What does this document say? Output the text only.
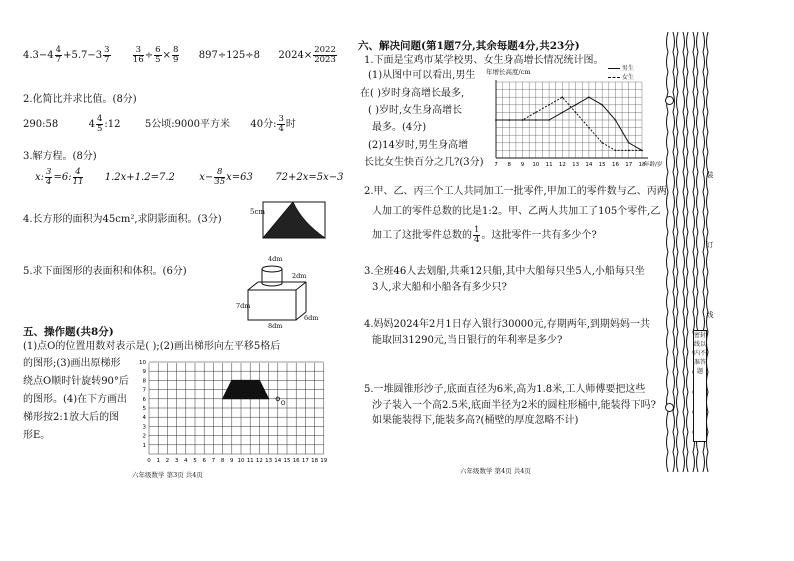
$4.3-4 \frac{4}{7} +5.7-3 \frac{3}{7}$
	$\frac{3}{16} \div \frac{6}{5} \times \frac{8}{9} 897\div 125\div 8$ $2024\times \frac{2022}{2023}$
2.化简比并求比值。(8分)
290:58	$4 \frac{4}{5}$ :12 5公顷:9000平方米 40分: $\frac{3}{4}$ 时
3.解方程。(8分)
x: $\frac{3}{4} =6$: $\frac{4}{11} 1.2x+1.2=7.2$ $x- \frac{8}{35} x=63$ 72+2x=5x−3
4.长方形的面积为45cm²,求阴影面积。(3分)
5cm
5.求下面图形的表面积和体积。(6分)
4dm
2dm
7dm
8dm
6dm
五、操作题(共8分)
(1)点O的位置用数对表示是( );(2)画出梯形向左平移5格后
的图形;(3)画出原梯形
绕点O顺时针旋转90°后
的图形。(4)在下方画出
梯形按2:1放大后的图
形E。
0 1 2 3 4 5 6 7 8 9 10 11 12 13 14 15 16 17 18 19
1
2
3
4
5
6
7
8
9
10
O
六年级数学 第3页 共4页
六、解决问题(第1题7分,其余每题4分,共23分)
1.下面是宝鸡市某学校男、女生身高增长情况统计图。
(1)从图中可以看出,男生
在( )岁时身高增长最多,
( )岁时,女生身高增长
最多。(4分)
(2)14岁时,男生身高增
长比女生快百分之几?(3分)
年增长高度/cm	男生
女生
7 8 9 10 11 12 13 14 15 16 17 18
年龄/岁
2.甲、乙、丙三个工人共同加工一批零件,甲加工的零件数与乙、丙两
人加工的零件总数的比是1:2。甲、乙两人共加工了105个零件,乙
加工了这批零件总数的 $\frac{1}{4}$ 。这批零件一共有多少个?
3.全班46人去划船,共乘12只船,其中大船每只坐5人,小船每只坐
3人,求大船和小船各有多少只?
4.妈妈2024年2月1日存入银行30000元,存期两年,到期妈妈一共
能取回31290元,当日银行的年利率是多少?
5.一堆圆锥形沙子,底面直径为6米,高为1.8米,工人师傅要把这些
沙子装入一个高2.5米,底面半径为2米的圆柱形桶中,能装得下吗?
如果能装得下,能装多高?(桶壁的厚度忽略不计)
六年级数学 第4页 共4页
装
订
线
密封线以内不准答题
